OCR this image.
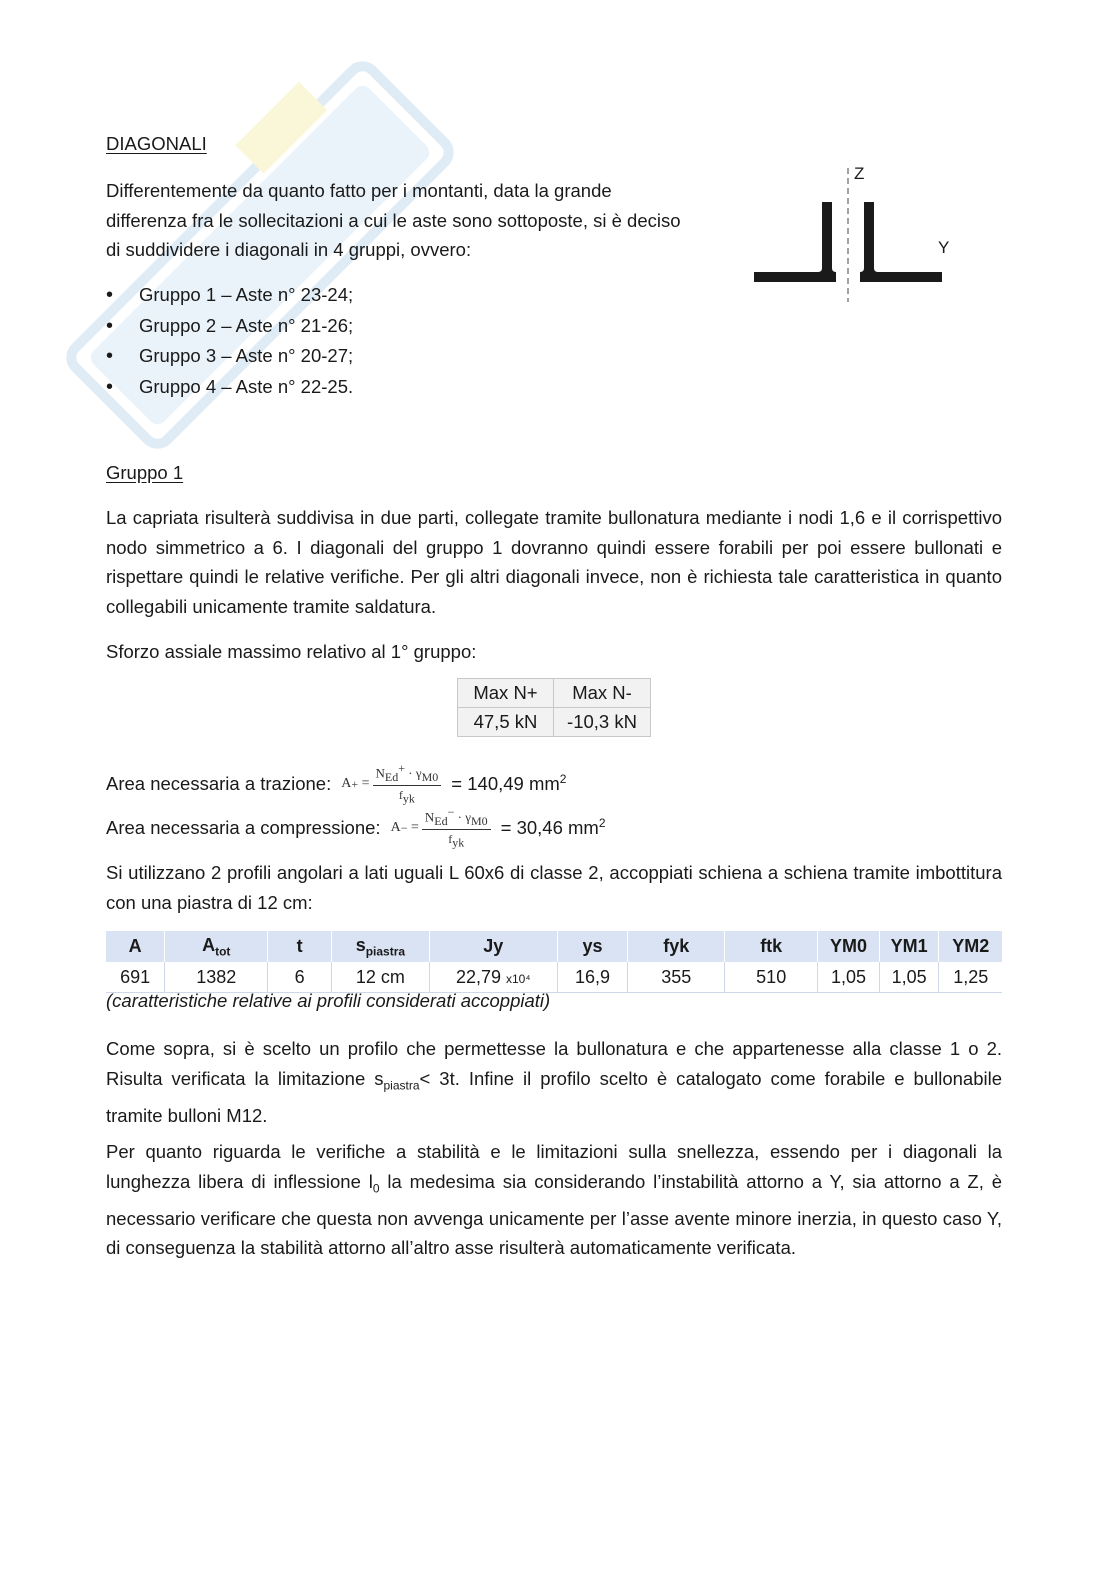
DIAGONALI
Differentemente da quanto fatto per i montanti, data la grande differenza fra le sollecitazioni a cui le aste sono sottoposte, si è deciso di suddividere i diagonali in 4 gruppi, ovvero:
• Gruppo 1 – Aste n° 23-24;
• Gruppo 2 – Aste n° 21-26;
• Gruppo 3 – Aste n° 20-27;
• Gruppo 4 – Aste n° 22-25.
Z
Y
Gruppo 1
La capriata risulterà suddivisa in due parti, collegate tramite bullonatura mediante i nodi 1,6 e il corrispettivo nodo simmetrico a 6. I diagonali del gruppo 1 dovranno quindi essere forabili per poi essere bullonati e rispettare quindi le relative verifiche. Per gli altri diagonali invece, non è richiesta tale caratteristica in quanto collegabili unicamente tramite saldatura.
Sforzo assiale massimo relativo al 1° gruppo:
Max N+	Max N-
47,5 kN	-10,3 kN
Area necessaria a trazione: A + = $\frac{N_{Ed}^+ \cdot \gamma_{M0}}{f_{yk}} = 140,49$ $mm^2$
Area necessaria a compressione: A − = $\frac{N_{Ed}^- \cdot \gamma_{M0}}{f_{yk}} = 30,46$ $mm^2$
Si utilizzano 2 profili angolari a lati uguali L 60x6 di classe 2, accoppiati schiena a schiena tramite imbottitura con una piastra di 12 cm:
A	$A_{tot}$	t	$s_{piastra}$	Jy	ys	fyk	ftk	YM0	YM1	YM2
691	1382	6	12 cm	22,79 x10⁴	16,9	355	510	1,05	1,05	1,25
(caratteristiche relative ai profili considerati accoppiati)
Come sopra, si è scelto un profilo che permettesse la bullonatura e che appartenesse alla classe 1 o 2. Risulta verificata la limitazione $s_{piastra}< 3t$. Infine il profilo scelto è catalogato come forabile e bullonabile tramite bulloni M12.
Per quanto riguarda le verifiche a stabilità e le limitazioni sulla snellezza, essendo per i diagonali la lunghezza libera di inflessione $l_0$ la medesima sia considerando l’instabilità attorno a Y, sia attorno a Z, è necessario verificare che questa non avvenga unicamente per l’asse avente minore inerzia, in questo caso Y, di conseguenza la stabilità attorno all’altro asse risulterà automaticamente verificata.
